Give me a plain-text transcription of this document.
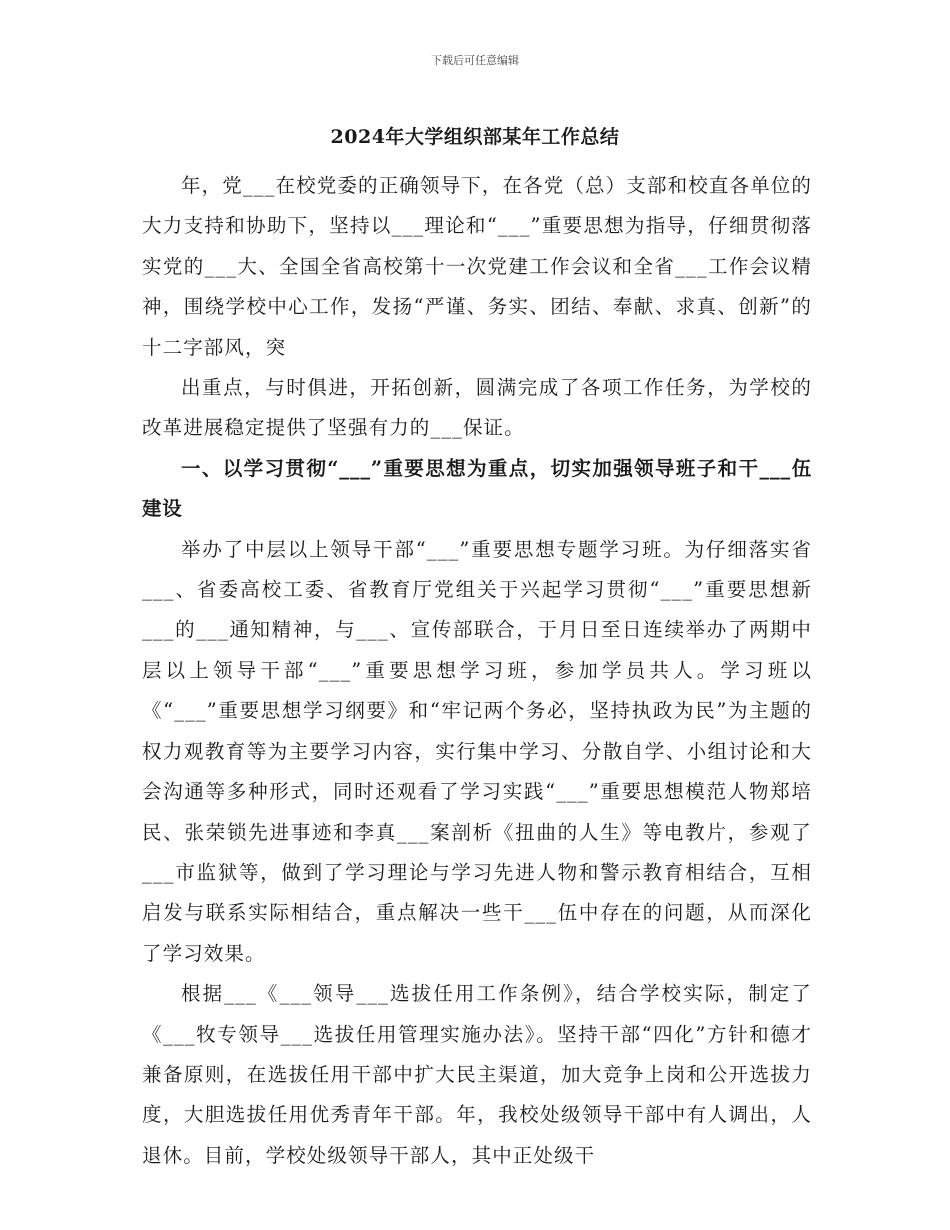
下载后可任意编辑
2024年大学组织部某年工作总结

年，党___在校党委的正确领导下，在各党（总）支部和校直各单位的大力支持和协助下，坚持以___理论和“___”重要思想为指导，仔细贯彻落实党的___大、全国全省高校第十一次党建工作会议和全省___工作会议精神，围绕学校中心工作，发扬“严谨、务实、团结、奉献、求真、创新”的十二字部风，突

出重点，与时俱进，开拓创新，圆满完成了各项工作任务，为学校的改革进展稳定提供了坚强有力的___保证。

一、以学习贯彻“___”重要思想为重点，切实加强领导班子和干___伍建设

举办了中层以上领导干部“___”重要思想专题学习班。为仔细落实省___、省委高校工委、省教育厅党组关于兴起学习贯彻“___”重要思想新___的___通知精神，与___、宣传部联合，于月日至日连续举办了两期中层以上领导干部“___”重要思想学习班，参加学员共人。学习班以《“___”重要思想学习纲要》和“牢记两个务必，坚持执政为民”为主题的权力观教育等为主要学习内容，实行集中学习、分散自学、小组讨论和大会沟通等多种形式，同时还观看了学习实践“___”重要思想模范人物郑培民、张荣锁先进事迹和李真___案剖析《扭曲的人生》等电教片，参观了___市监狱等，做到了学习理论与学习先进人物和警示教育相结合，互相启发与联系实际相结合，重点解决一些干___伍中存在的问题，从而深化了学习效果。

根据___《___领导___选拔任用工作条例》，结合学校实际，制定了《___牧专领导___选拔任用管理实施办法》。坚持干部“四化”方针和德才兼备原则，在选拔任用干部中扩大民主渠道，加大竞争上岗和公开选拔力度，大胆选拔任用优秀青年干部。年，我校处级领导干部中有人调出，人退休。目前，学校处级领导干部人，其中正处级干
